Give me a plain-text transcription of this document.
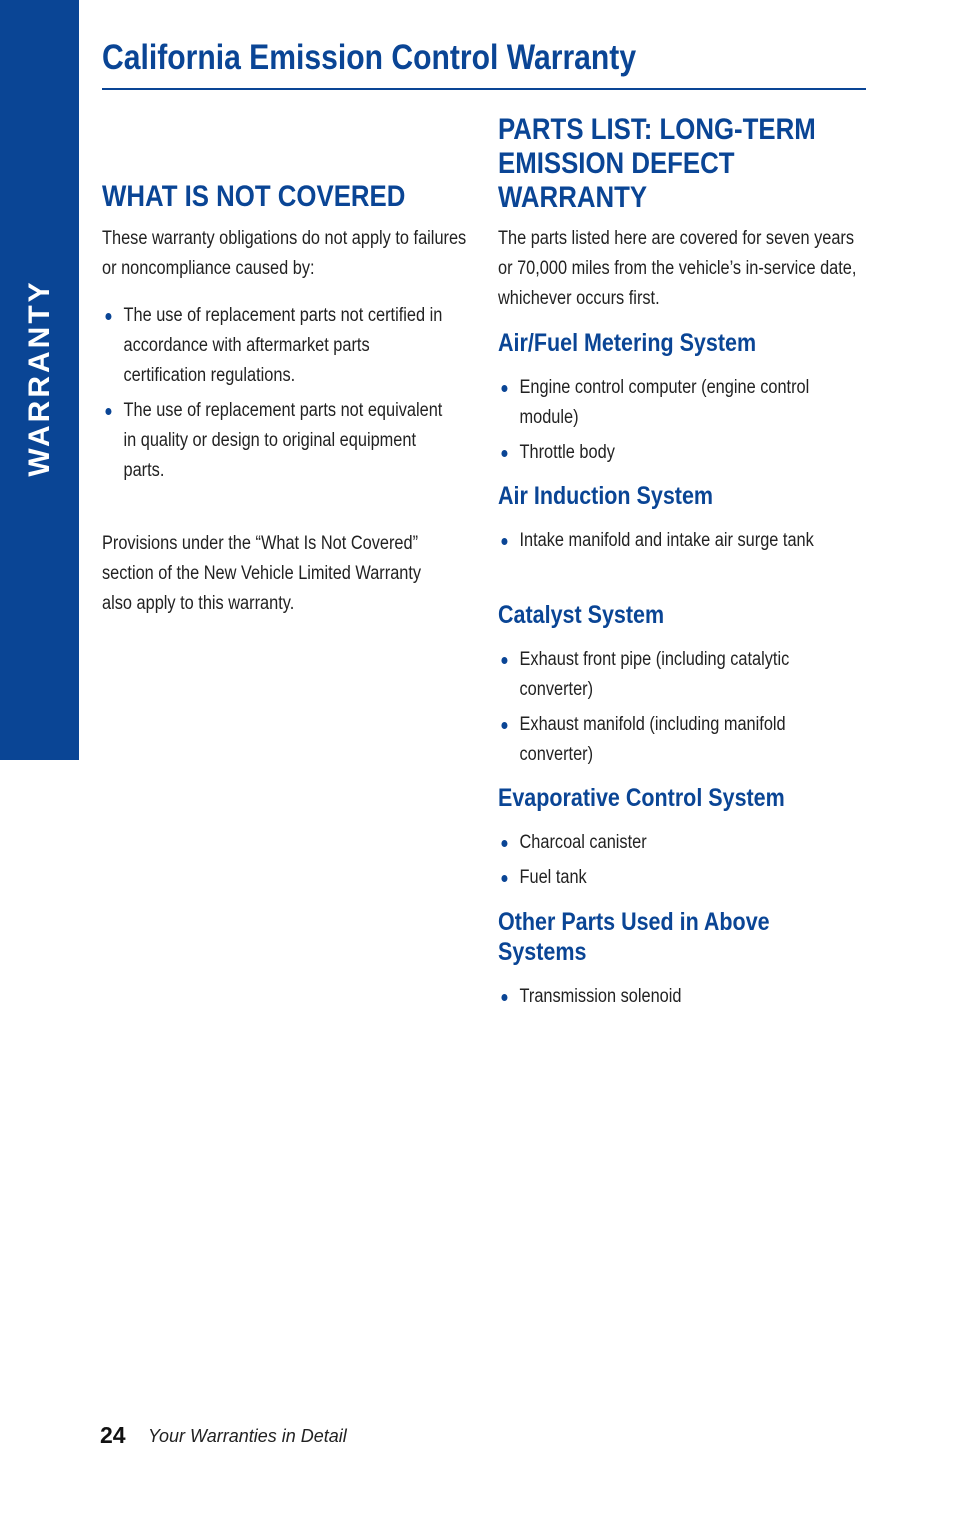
WARRANTY
California Emission Control Warranty
WHAT IS NOT COVERED
These warranty obligations do not apply to failures or noncompliance caused by:
The use of replacement parts not certified in accordance with aftermarket parts certification regulations.
The use of replacement parts not equivalent in quality or design to original equipment parts.
Provisions under the “What Is Not Covered” section of the New Vehicle Limited Warranty also apply to this warranty.
PARTS LIST: LONG-TERM EMISSION DEFECT WARRANTY
The parts listed here are covered for seven years or 70,000 miles from the vehicle’s in-service date, whichever occurs first.
Air/Fuel Metering System
Engine control computer (engine control module)
Throttle body
Air Induction System
Intake manifold and intake air surge tank
Catalyst System
Exhaust front pipe (including catalytic converter)
Exhaust manifold (including manifold converter)
Evaporative Control System
Charcoal canister
Fuel tank
Other Parts Used in Above Systems
Transmission solenoid
24 Your Warranties in Detail
